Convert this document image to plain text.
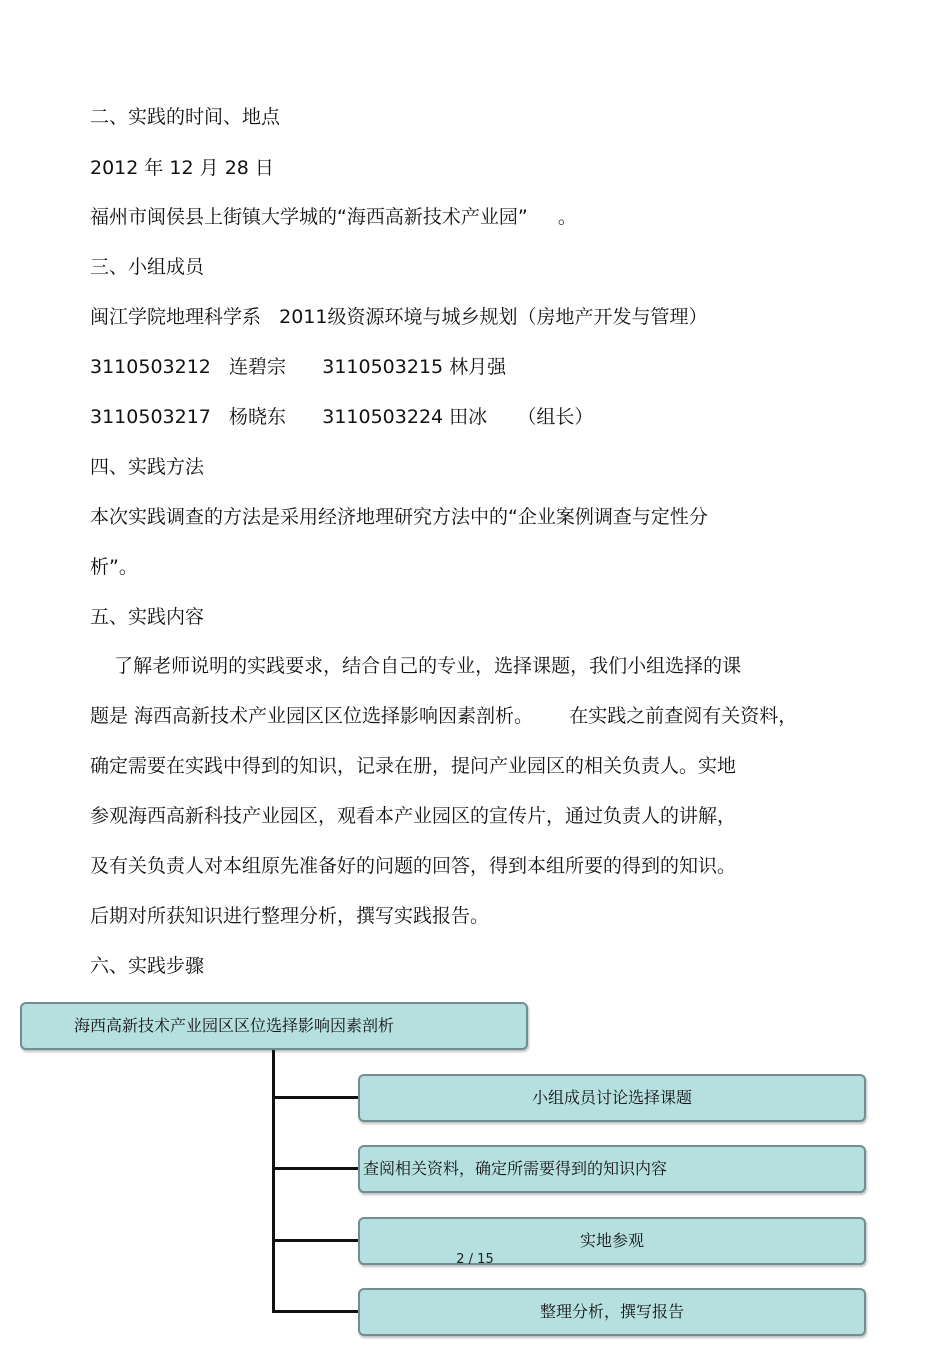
二、实践的时间、地点
2012 年 12 月 28 日
福州市闽侯县上街镇大学城的“海西高新技术产业园”     。
三、小组成员
闽江学院地理科学系   2011级资源环境与城乡规划（房地产开发与管理）
3110503212   连碧宗      3110503215 林月强
3110503217   杨晓东      3110503224 田冰     （组长）
四、实践方法
本次实践调查的方法是采用经济地理研究方法中的“企业案例调查与定性分
析”。
五、实践内容
了解老师说明的实践要求，结合自己的专业，选择课题，我们小组选择的课
题是 海西高新技术产业园区区位选择影响因素剖析。      在实践之前查阅有关资料，
确定需要在实践中得到的知识，记录在册，提问产业园区的相关负责人。实地
参观海西高新科技产业园区，观看本产业园区的宣传片，通过负责人的讲解，
及有关负责人对本组原先准备好的问题的回答，得到本组所要的得到的知识。
后期对所获知识进行整理分析，撰写实践报告。
六、实践步骤
海西高新技术产业园区区位选择影响因素剖析
小组成员讨论选择课题
查阅相关资料，确定所需要得到的知识内容
实地参观
整理分析，撰写报告
2 / 15
